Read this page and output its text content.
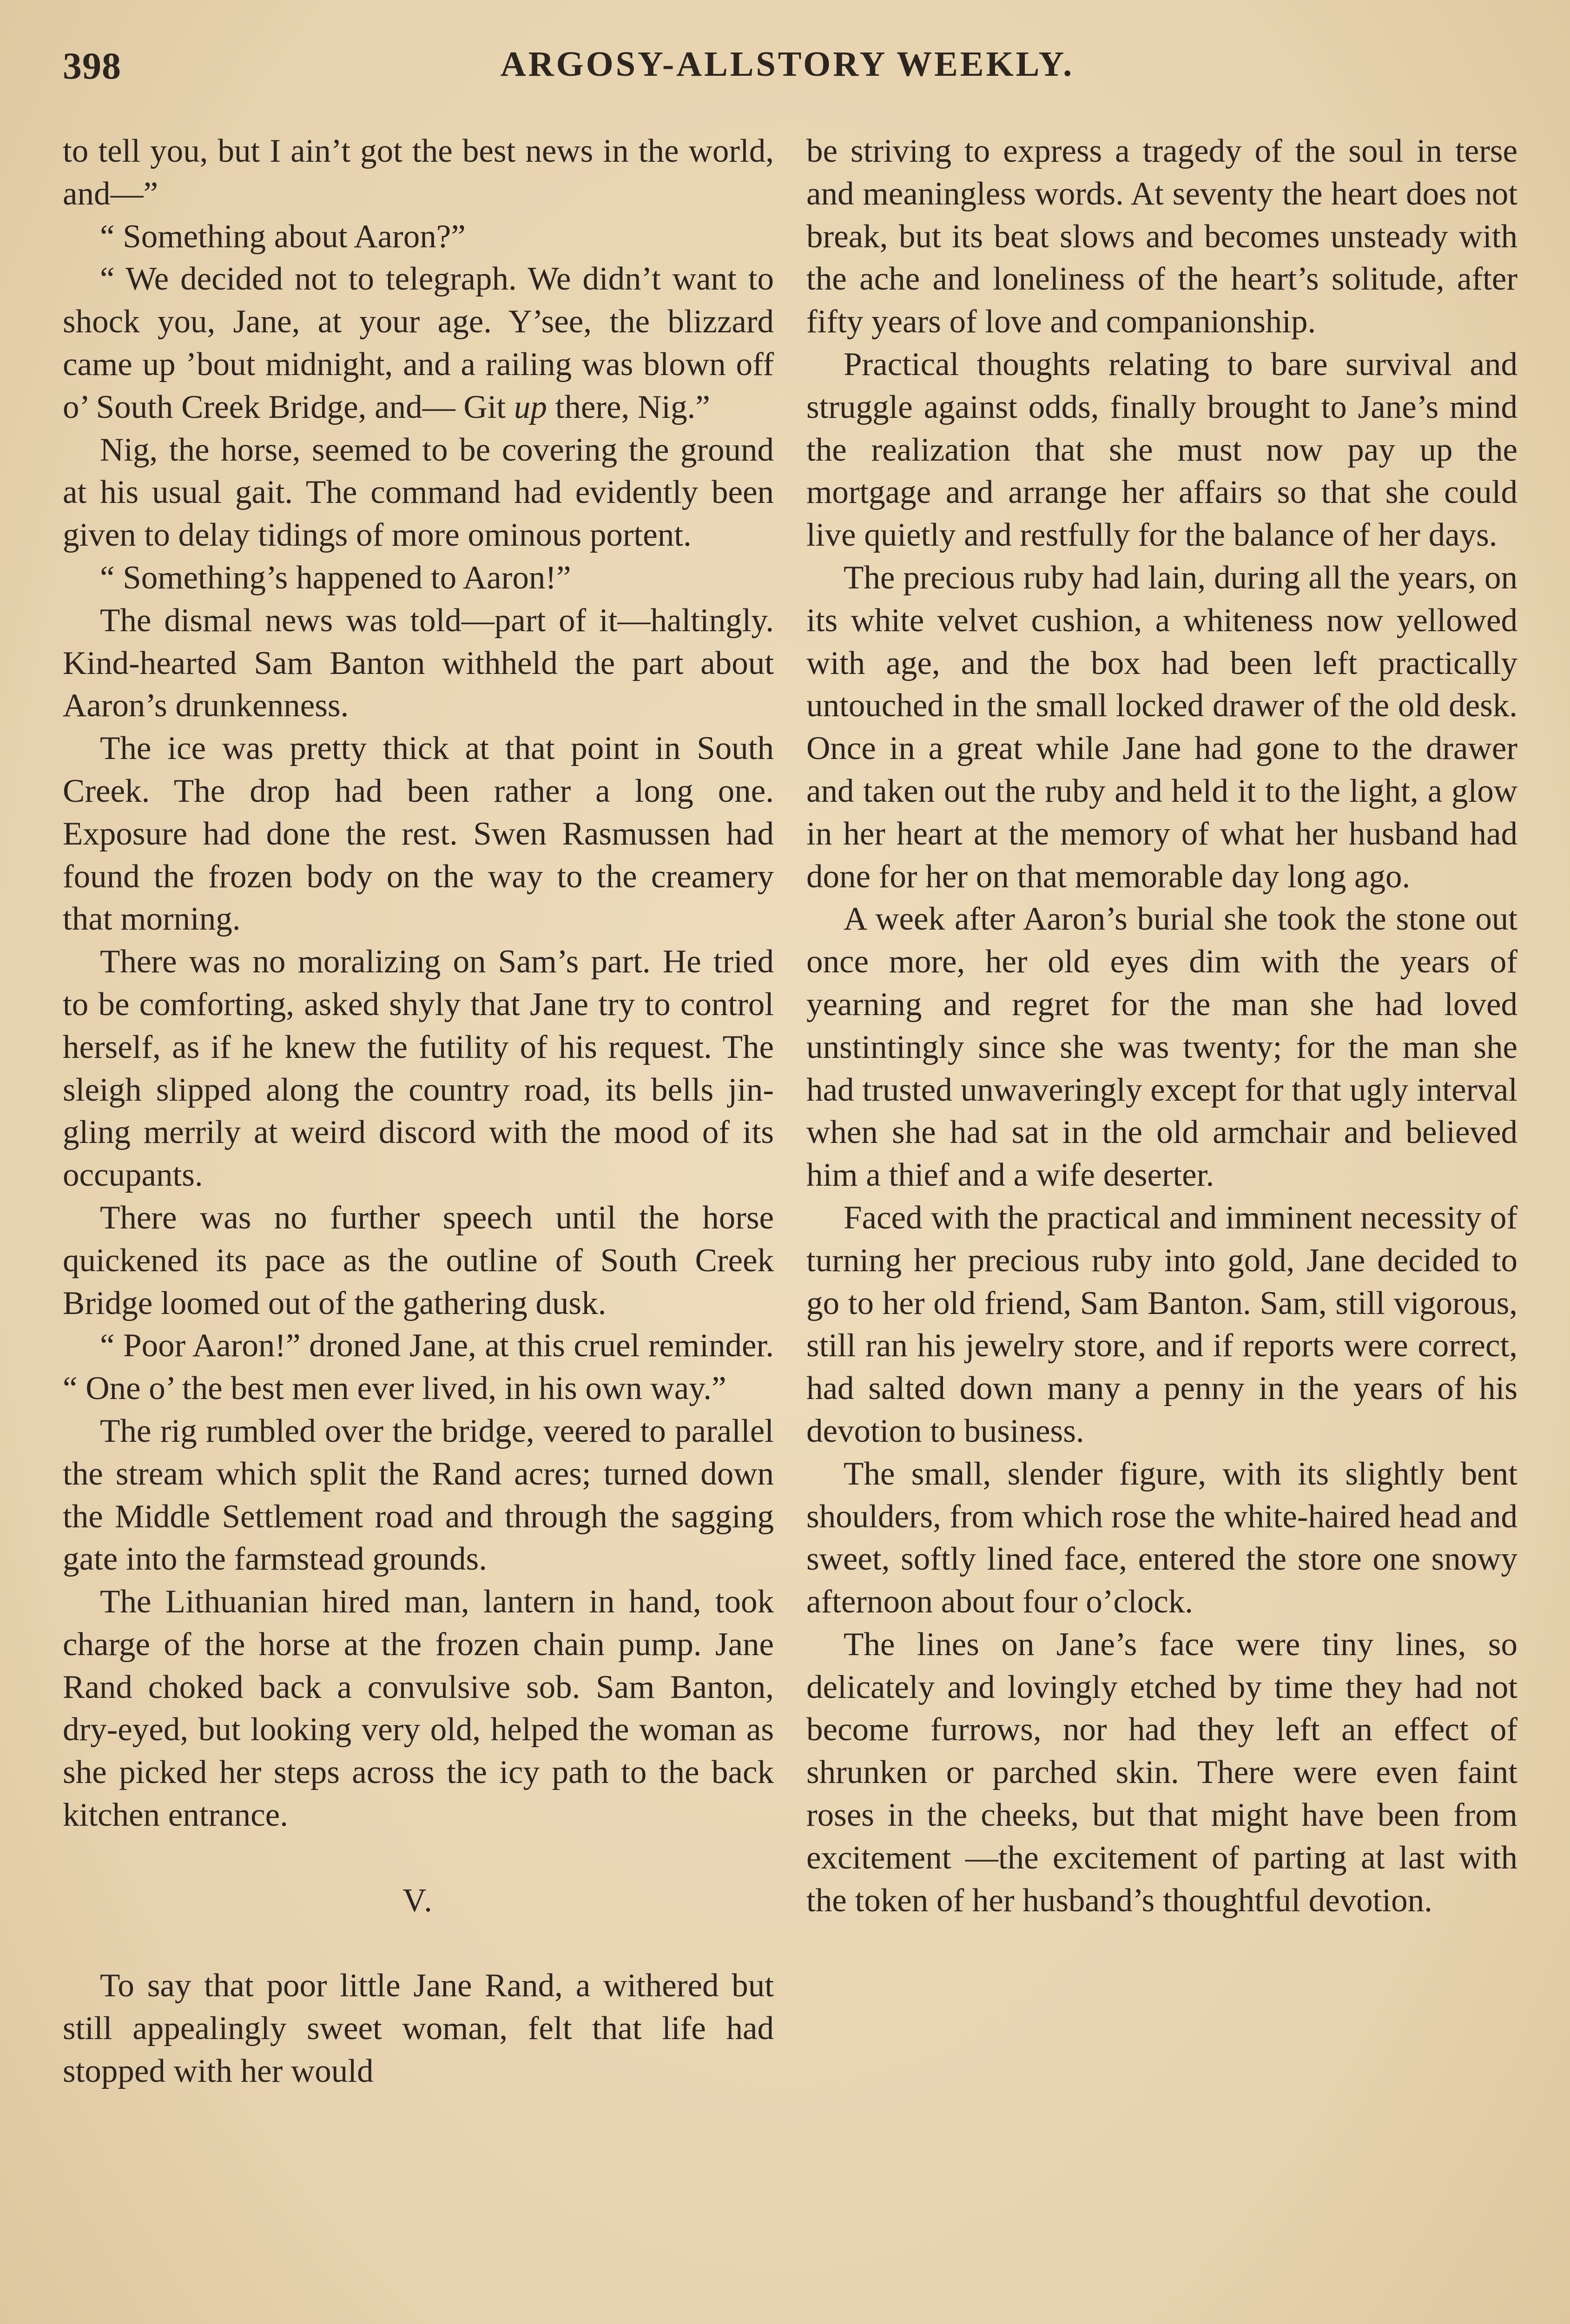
398	ARGOSY-ALLSTORY WEEKLY.

to tell you, but I ain’t got the best news in the world, and—”

“ Something about Aaron?”

“ We decided not to telegraph. We didn’t want to shock you, Jane, at your age. Y’see, the blizzard came up ’bout midnight, and a railing was blown off o’ South Creek Bridge, and— Git up there, Nig.”

Nig, the horse, seemed to be covering the ground at his usual gait. The command had evidently been given to delay tidings of more ominous portent.

“ Something’s happened to Aaron!”

The dismal news was told—part of it—haltingly. Kind-hearted Sam Banton withheld the part about Aaron’s drunkenness.

The ice was pretty thick at that point in South Creek. The drop had been rather a long one. Exposure had done the rest. Swen Rasmussen had found the frozen body on the way to the creamery that morning.

There was no moralizing on Sam’s part. He tried to be comforting, asked shyly that Jane try to control herself, as if he knew the futility of his request. The sleigh slipped along the country road, its bells jingling merrily at weird discord with the mood of its occupants.

There was no further speech until the horse quickened its pace as the outline of South Creek Bridge loomed out of the gathering dusk.

“ Poor Aaron!” droned Jane, at this cruel reminder. “ One o’ the best men ever lived, in his own way.”

The rig rumbled over the bridge, veered to parallel the stream which split the Rand acres; turned down the Middle Settlement road and through the sagging gate into the farmstead grounds.

The Lithuanian hired man, lantern in hand, took charge of the horse at the frozen chain pump. Jane Rand choked back a convulsive sob. Sam Banton, dry-eyed, but looking very old, helped the woman as she picked her steps across the icy path to the back kitchen entrance.

V.

To say that poor little Jane Rand, a withered but still appealingly sweet woman, felt that life had stopped with her would

be striving to express a tragedy of the soul in terse and meaningless words. At seventy the heart does not break, but its beat slows and becomes unsteady with the ache and loneliness of the heart’s solitude, after fifty years of love and companionship.

Practical thoughts relating to bare survival and struggle against odds, finally brought to Jane’s mind the realization that she must now pay up the mortgage and arrange her affairs so that she could live quietly and restfully for the balance of her days.

The precious ruby had lain, during all the years, on its white velvet cushion, a whiteness now yellowed with age, and the box had been left practically untouched in the small locked drawer of the old desk. Once in a great while Jane had gone to the drawer and taken out the ruby and held it to the light, a glow in her heart at the memory of what her husband had done for her on that memorable day long ago.

A week after Aaron’s burial she took the stone out once more, her old eyes dim with the years of yearning and regret for the man she had loved unstintingly since she was twenty; for the man she had trusted unwaveringly except for that ugly interval when she had sat in the old armchair and believed him a thief and a wife deserter.

Faced with the practical and imminent necessity of turning her precious ruby into gold, Jane decided to go to her old friend, Sam Banton. Sam, still vigorous, still ran his jewelry store, and if reports were correct, had salted down many a penny in the years of his devotion to business.

The small, slender figure, with its slightly bent shoulders, from which rose the white-haired head and sweet, softly lined face, entered the store one snowy afternoon about four o’clock.

The lines on Jane’s face were tiny lines, so delicately and lovingly etched by time they had not become furrows, nor had they left an effect of shrunken or parched skin. There were even faint roses in the cheeks, but that might have been from excitement —the excitement of parting at last with the token of her husband’s thoughtful devotion.
